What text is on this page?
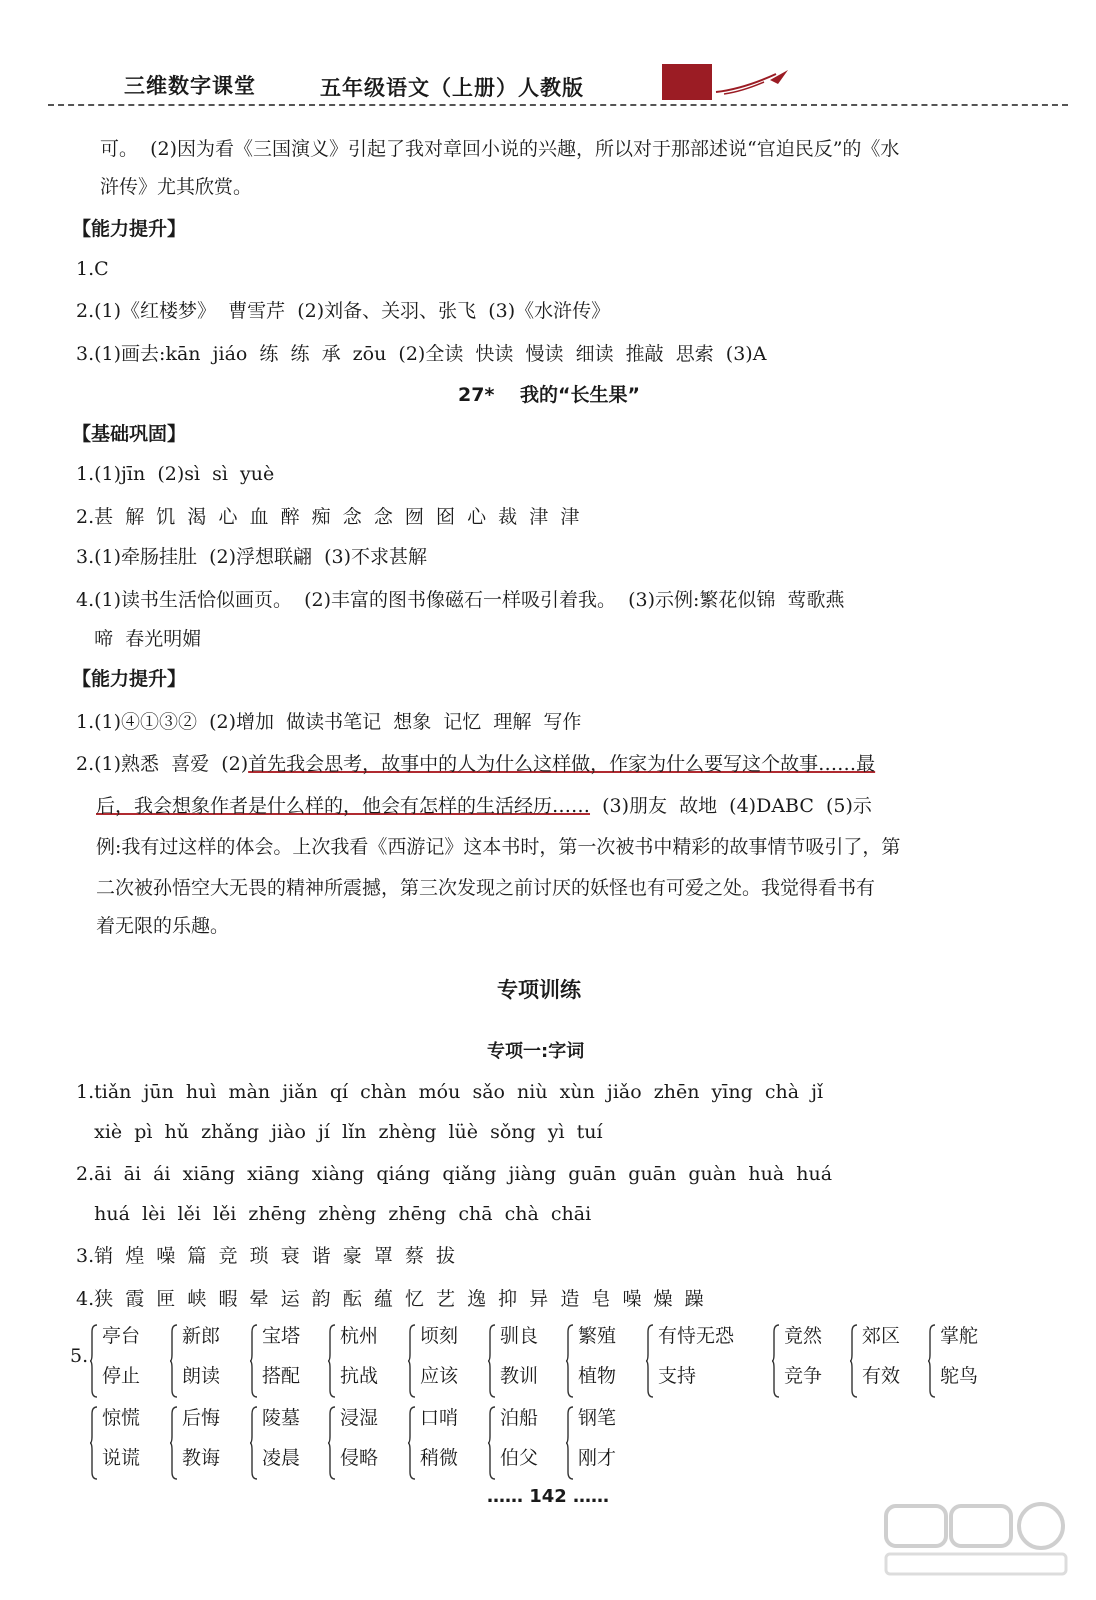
三维数字课堂	五年级语文（上册）人教版
可。  (2)因为看《三国演义》引起了我对章回小说的兴趣，所以对于那部述说“官迫民反”的《水
浒传》尤其欣赏。
【能力提升】
1.C
2.(1)《红楼梦》  曹雪芹  (2)刘备、关羽、张飞  (3)《水浒传》
3.(1)画去:kān  jiáo  练  练  承  zōu  (2)全读  快读  慢读  细读  推敲  思索  (3)A
27*	我的“长生果”
【基础巩固】
1.(1)jīn  (2)sì  sì  yuè
2.甚  解  饥  渴  心  血  醉  痴  念  念  囫  囵  心  裁  津  津
3.(1)牵肠挂肚  (2)浮想联翩  (3)不求甚解
4.(1)读书生活恰似画页。  (2)丰富的图书像磁石一样吸引着我。  (3)示例:繁花似锦  莺歌燕
啼  春光明媚
【能力提升】
1.(1)④①③②  (2)增加  做读书笔记  想象  记忆  理解  写作
2.(1)熟悉  喜爱  (2)首先我会思考，故事中的人为什么这样做，作家为什么要写这个故事……最
后，我会想象作者是什么样的，他会有怎样的生活经历……  (3)朋友  故地  (4)DABC  (5)示
例:我有过这样的体会。上次我看《西游记》这本书时，第一次被书中精彩的故事情节吸引了，第
二次被孙悟空大无畏的精神所震撼，第三次发现之前讨厌的妖怪也有可爱之处。我觉得看书有
着无限的乐趣。
专项训练
专项一:字词
1.tiǎn  jūn  huì  màn  jiǎn  qí  chàn  móu  sǎo  niù  xùn  jiǎo  zhēn  yīng  chà  jǐ
xiè  pì  hǔ  zhǎng  jiào  jí  lǐn  zhèng  lüè  sǒng  yì  tuí
2.āi  āi  ái  xiāng  xiāng  xiàng  qiáng  qiǎng  jiàng  guān  guān  guàn  huà  huá
huá  lèi  lěi  lěi  zhēng  zhèng  zhēng  chā  chà  chāi
3.销  煌  噪  篇  竞  琐  衰  谐  豪  罩  蔡  拔
4.狭  霞  匣  峡  暇  晕  运  韵  酝  蕴  忆  艺  逸  抑  异  造  皂  噪  燥  躁
5.
亭台
停止
新郎
朗读
宝塔
搭配
杭州
抗战
顷刻
应该
驯良
教训
繁殖
植物
有恃无恐
支持
竟然
竞争
郊区
有效
掌舵
鸵鸟
惊慌
说谎
后悔
教诲
陵墓
凌晨
浸湿
侵略
口哨
稍微
泊船
伯父
钢笔
刚才
…… 142 ……
